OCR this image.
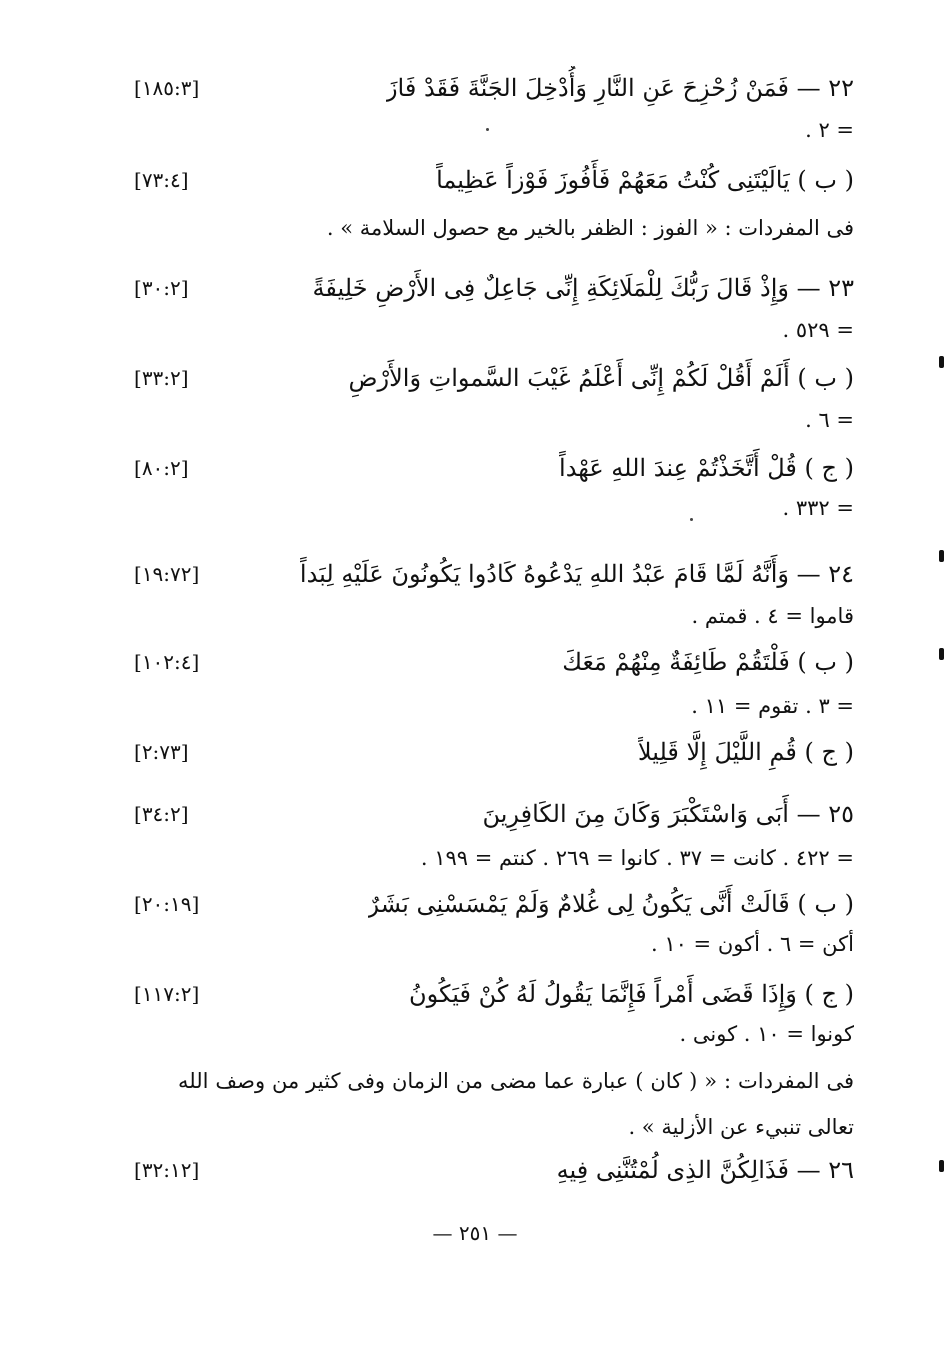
٢٢ — فَمَنْ زُحْزِحَ عَنِ النَّارِ وَأُدْخِلَ الجَنَّةَ فَقَدْ فَازَ
[١٨٥:٣]
= ٢ .
( ب ) يَالَيْتَنِى كُنْتُ مَعَهُمْ فَأَفُوزَ فَوْزاً عَظِيماً
[٧٣:٤]
فى المفردات : « الفوز : الظفر بالخير مع حصول السلامة » .
٢٣ — وَإِذْ قَالَ رَبُّكَ لِلْمَلَائِكَةِ إِنِّى جَاعِلٌ فِى الأَرْضِ خَلِيفَةً
[٣٠:٢]
= ٥٢٩ .
( ب ) أَلَمْ أَقُلْ لَكُمْ إِنِّى أَعْلَمُ غَيْبَ السَّمواتِ وَالأَرْضِ
[٣٣:٢]
= ٦ .
( ج ) قُلْ أَتَّخَذْتُمْ عِندَ اللهِ عَهْداً
[٨٠:٢]
= ٣٣٢ .
٢٤ — وَأَنَّهُ لَمَّا قَامَ عَبْدُ اللهِ يَدْعُوهُ كَادُوا يَكُونُونَ عَلَيْهِ لِبَداً
[١٩:٧٢]
قاموا = ٤ . قمتم .
( ب ) فَلْتَقُمْ طَائِفَةٌ مِنْهُمْ مَعَكَ
[١٠٢:٤]
= ٣ . تقوم = ١١ .
( ج ) قُمِ اللَّيْلَ إِلَّا قَلِيلاً
[٢:٧٣]
٢٥ — أَبَى وَاسْتَكْبَرَ وَكَانَ مِنَ الكَافِرِينَ
[٣٤:٢]
= ٤٢٢ . كانت = ٣٧ . كانوا = ٢٦٩ . كنتم = ١٩٩ .
( ب ) قَالَتْ أَنَّى يَكُونُ لِى غُلامٌ وَلَمْ يَمْسَسْنِى بَشَرٌ
[٢٠:١٩]
أكن = ٦ . أكون = ١٠ .
( ج ) وَإِذَا قَضَى أَمْراً فَإِنَّمَا يَقُولُ لَهُ كُنْ فَيَكُونُ
[١١٧:٢]
كونوا = ١٠ . كونى .
فى المفردات : « ( كان ) عبارة عما مضى من الزمان وفى كثير من وصف الله تعالى تنبيء عن الأزلية » .
٢٦ — فَذَالِكُنَّ الذِى لُمْتُنَّنِى فِيهِ
[٣٢:١٢]
— ٢٥١ —
